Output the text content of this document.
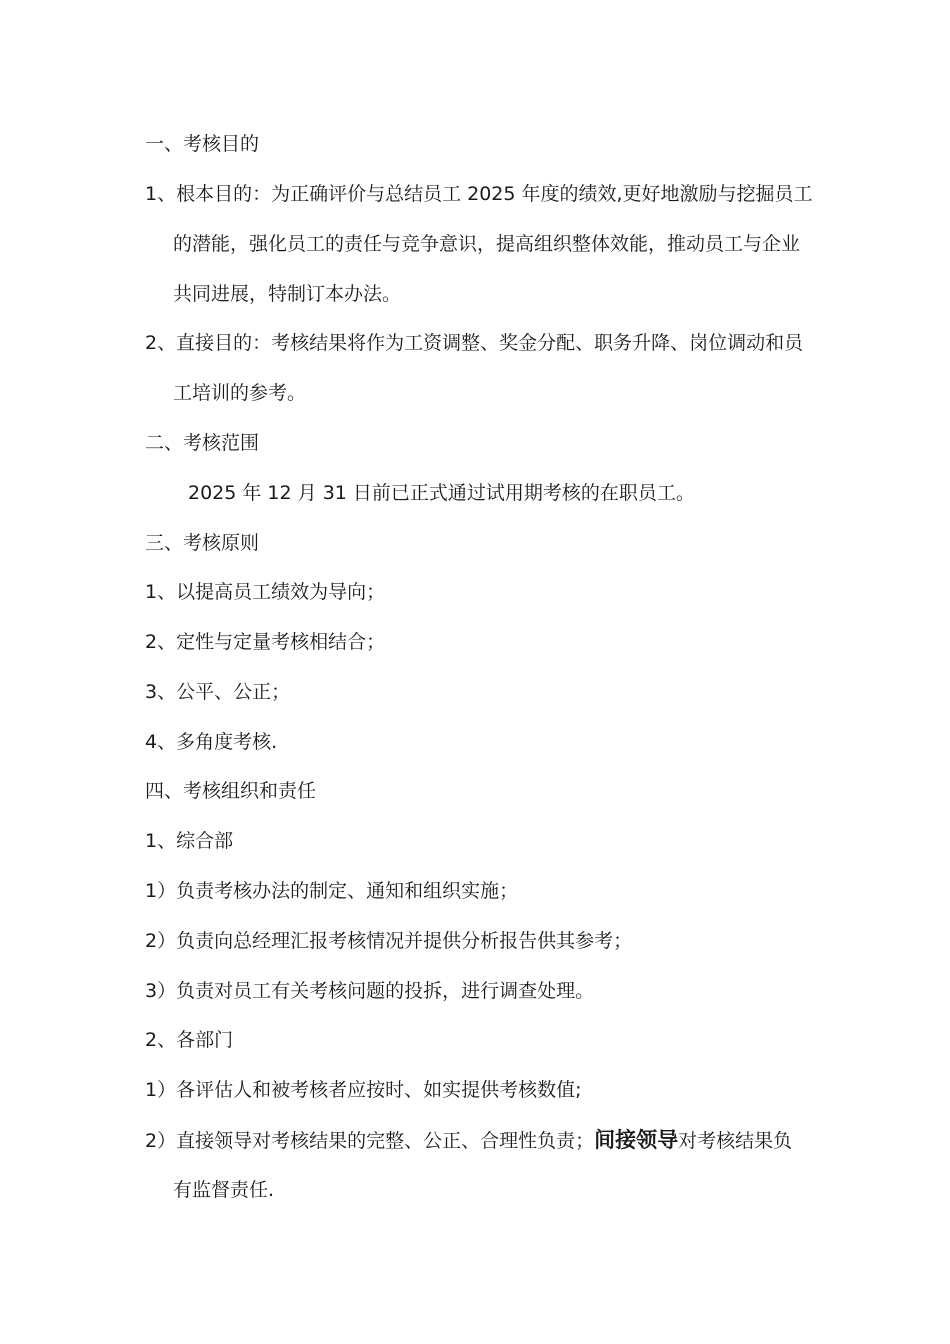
一、考核目的
1、根本目的：为正确评价与总结员工 2025 年度的绩效,更好地激励与挖掘员工
的潜能，强化员工的责任与竞争意识，提高组织整体效能，推动员工与企业
共同进展，特制订本办法。
2、直接目的：考核结果将作为工资调整、奖金分配、职务升降、岗位调动和员
工培训的参考。
二、考核范围
2025 年 12 月 31 日前已正式通过试用期考核的在职员工。
三、考核原则
1、以提高员工绩效为导向；
2、定性与定量考核相结合；
3、公平、公正；
4、多角度考核.
四、考核组织和责任
1、综合部
1）负责考核办法的制定、通知和组织实施；
2）负责向总经理汇报考核情况并提供分析报告供其参考；
3）负责对员工有关考核问题的投拆，进行调查处理。
2、各部门
1）各评估人和被考核者应按时、如实提供考核数值;
2）直接领导对考核结果的完整、公正、合理性负责；间接领导对考核结果负
有监督责任.
